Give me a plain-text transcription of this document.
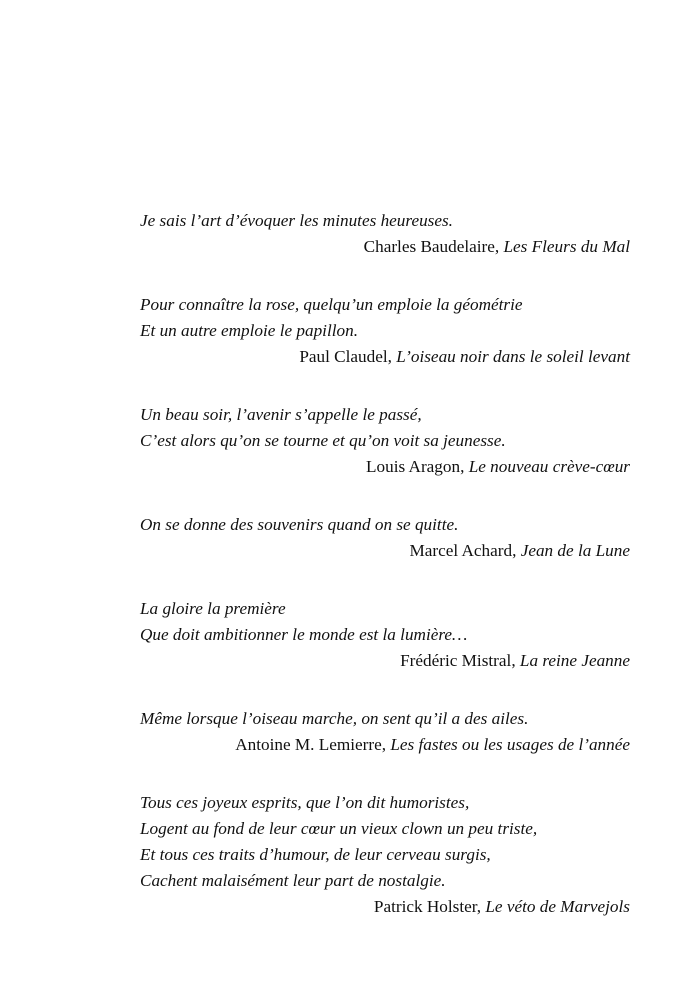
Je sais l’art d’évoquer les minutes heureuses.
Charles Baudelaire, Les Fleurs du Mal
Pour connaître la rose, quelqu’un emploie la géométrie
Et un autre emploie le papillon.
Paul Claudel, L’oiseau noir dans le soleil levant
Un beau soir, l’avenir s’appelle le passé,
C’est alors qu’on se tourne et qu’on voit sa jeunesse.
Louis Aragon, Le nouveau crève-cœur
On se donne des souvenirs quand on se quitte.
Marcel Achard, Jean de la Lune
La gloire la première
Que doit ambitionner le monde est la lumière…
Frédéric Mistral, La reine Jeanne
Même lorsque l’oiseau marche, on sent qu’il a des ailes.
Antoine M. Lemierre, Les fastes ou les usages de l’année
Tous ces joyeux esprits, que l’on dit humoristes,
Logent au fond de leur cœur un vieux clown un peu triste,
Et tous ces traits d’humour, de leur cerveau surgis,
Cachent malaisément leur part de nostalgie.
Patrick Holster, Le véto de Marvejols
